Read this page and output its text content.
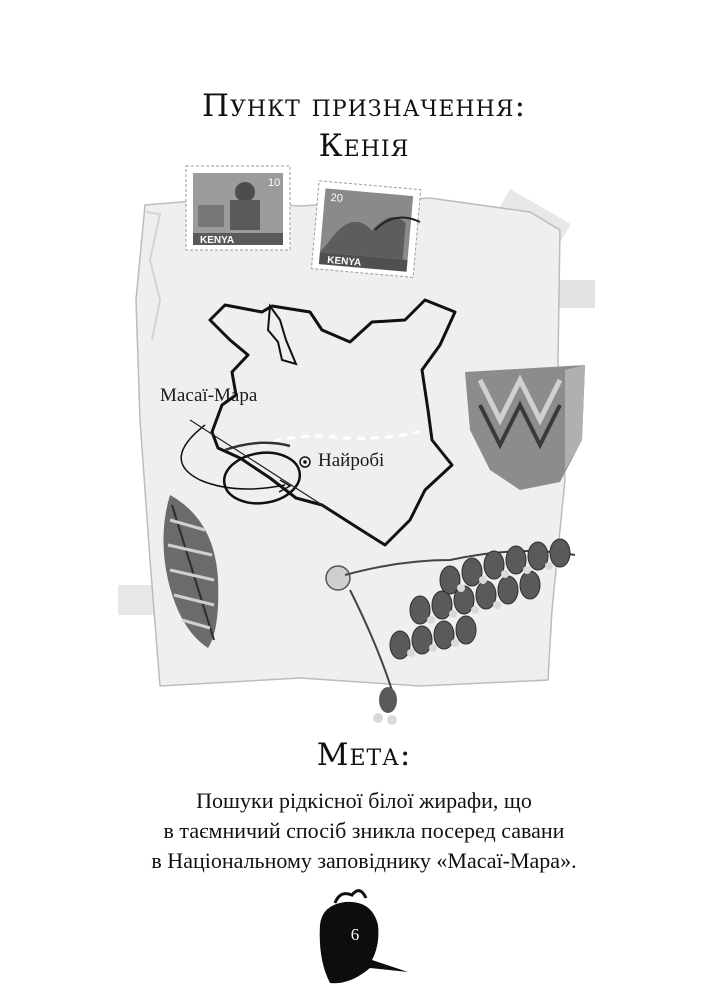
Пункт призначення:
Кенія
KENYA
10
KENYA
20
Масаї-Мара
Найробі
Мета:
Пошуки рідкісної білої жирафи, що
в таємничий спосіб зникла посеред савани
в Національному заповіднику «Масаї-Мара».
6
